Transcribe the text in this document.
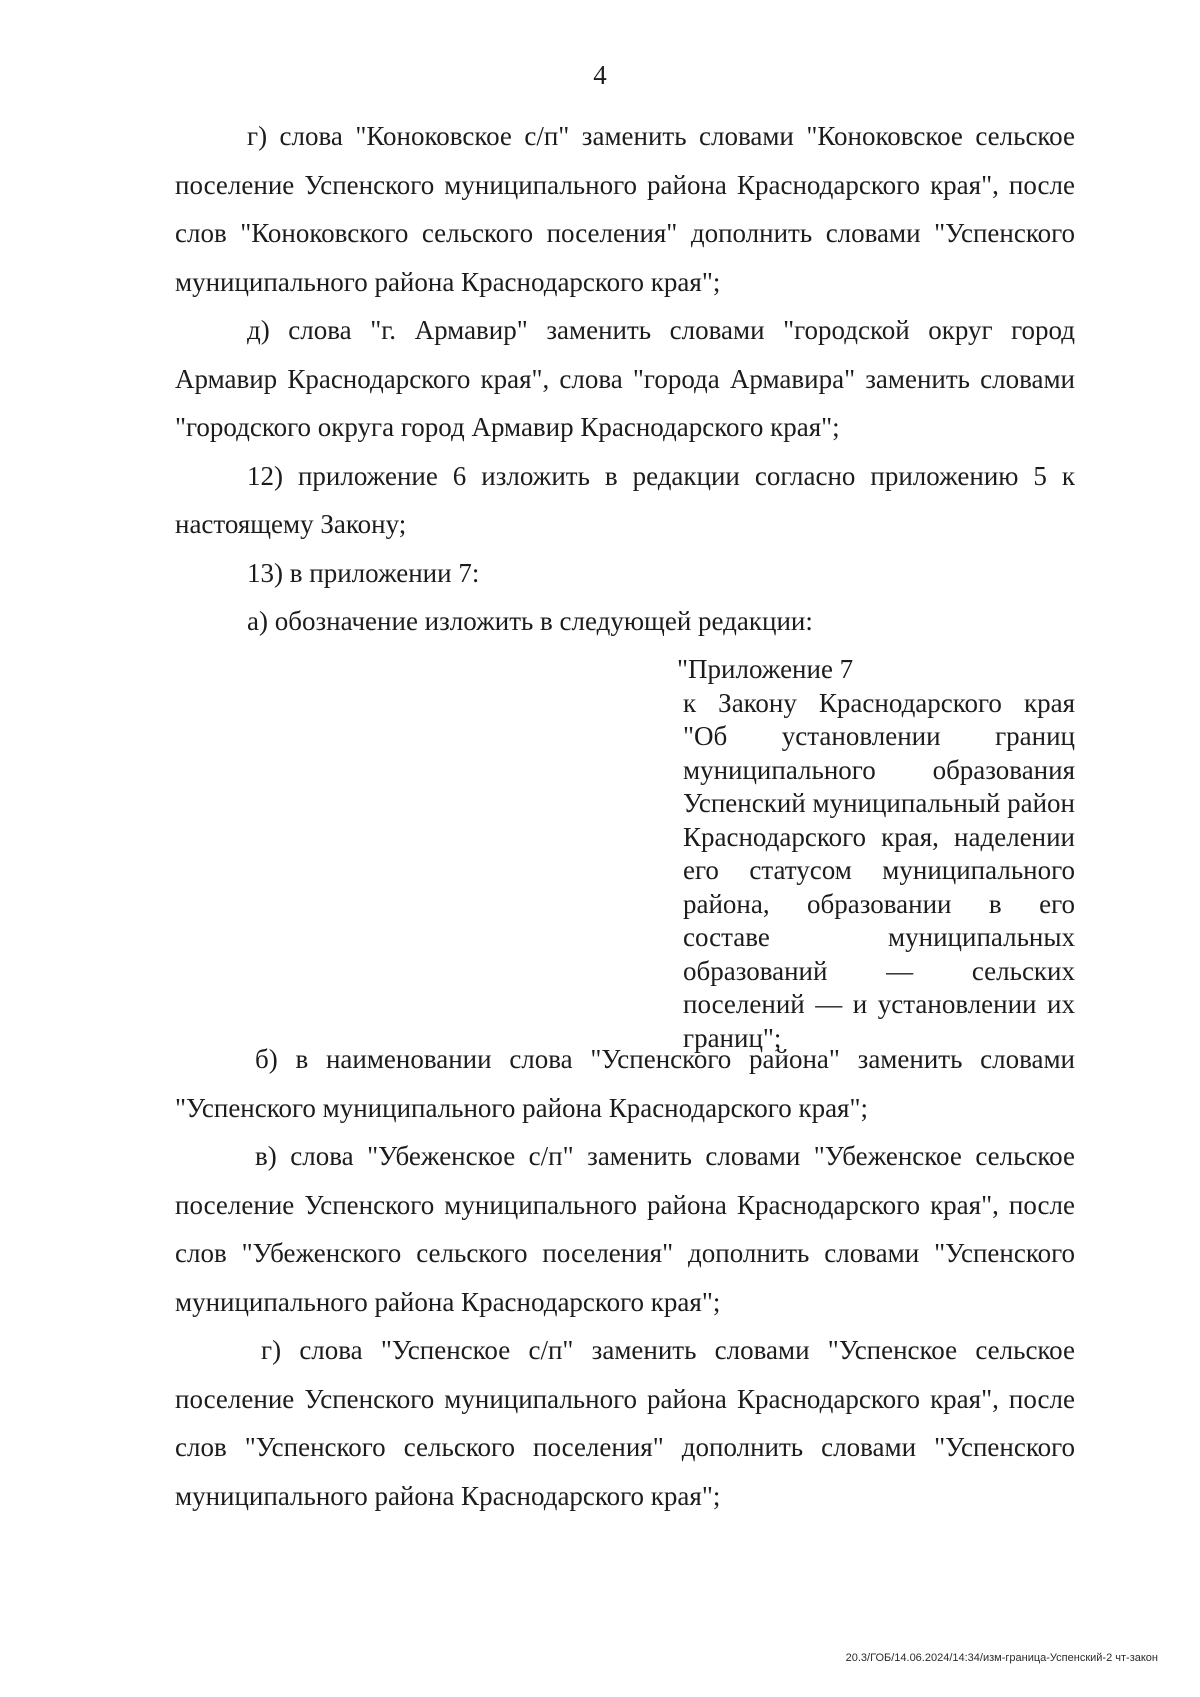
4

г) слова "Коноковское с/п" заменить словами "Коноковское сельское поселение Успенского муниципального района Краснодарского края", после слов "Коноковского сельского поселения" дополнить словами "Успенского муниципального района Краснодарского края";

д) слова "г. Армавир" заменить словами "городской округ город Армавир Краснодарского края", слова "города Армавира" заменить словами "городского округа город Армавир Краснодарского края";

12) приложение 6 изложить в редакции согласно приложению 5 к настоящему Закону;

13) в приложении 7:

а) обозначение изложить в следующей редакции:

"Приложение 7

к Закону Краснодарского края "Об установлении границ муниципального образования Успенский муниципальный район Краснодарского края, наделении его статусом муниципального района, образовании в его составе муниципальных образований — сельских поселений — и установлении их границ";

б) в наименовании слова "Успенского района" заменить словами "Успенского муниципального района Краснодарского края";

в) слова "Убеженское с/п" заменить словами "Убеженское сельское поселение Успенского муниципального района Краснодарского края", после слов "Убеженского сельского поселения" дополнить словами "Успенского муниципального района Краснодарского края";

г) слова "Успенское с/п" заменить словами "Успенское сельское поселение Успенского муниципального района Краснодарского края", после слов "Успенского сельского поселения" дополнить словами "Успенского муниципального района Краснодарского края";

20.3/ГОБ/14.06.2024/14:34/изм-граница-Успенский-2 чт-закон
